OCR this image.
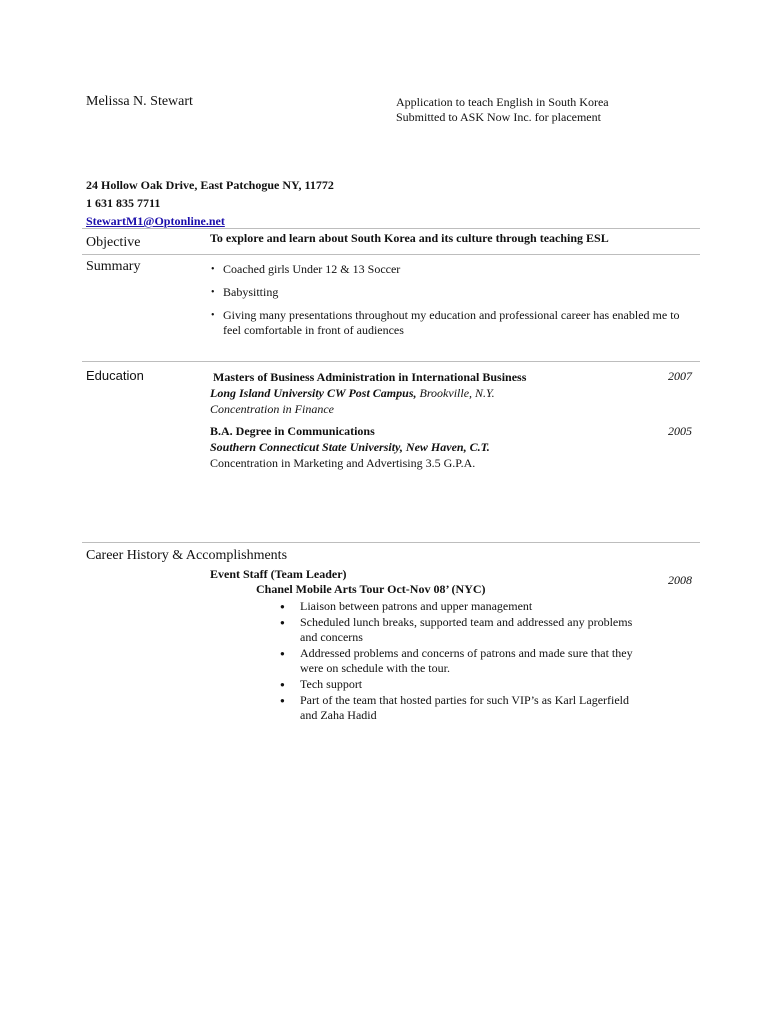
Melissa N. Stewart	Application to teach English in South Korea
Submitted to ASK Now Inc. for placement
24 Hollow Oak Drive, East Patchogue NY, 11772
1 631 835 7711
StewartM1@Optonline.net
Objective	To explore and learn about South Korea and its culture through teaching ESL
Summary
•	Coached girls Under 12 & 13 Soccer
• Babysitting
• Giving many presentations throughout my education and professional career has enabled me to feel comfortable in front of audiences
Education	Masters of Business Administration in International Business
Long Island University CW Post Campus, Brookville, N.Y.
Concentration in Finance
2007
B.A. Degree in Communications
Southern Connecticut State University, New Haven, C.T.
Concentration in Marketing and Advertising 3.5 G.P.A.
2005
Career History & Accomplishments
Event Staff (Team Leader)
Chanel Mobile Arts Tour Oct-Nov 08’ (NYC)
2008
● Liaison between patrons and upper management
● Scheduled lunch breaks, supported team and addressed any problems and concerns
● Addressed problems and concerns of patrons and made sure that they were on schedule with the tour.
● Tech support
● Part of the team that hosted parties for such VIP’s as Karl Lagerfield and Zaha Hadid
